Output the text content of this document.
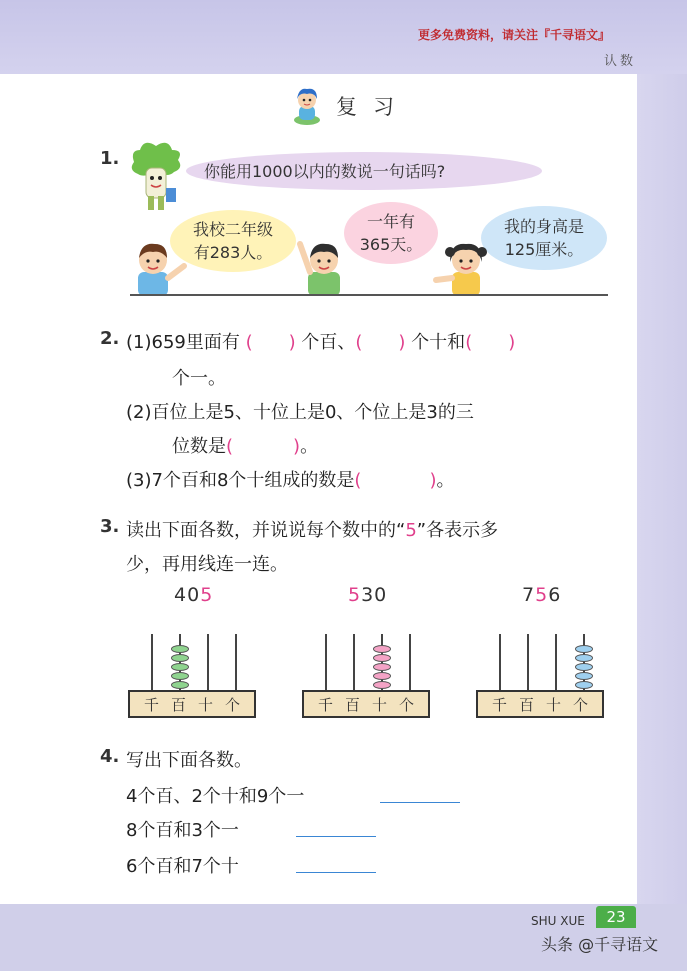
更多免费资料，请关注『千寻语文』
认数
复习
1.
你能用1000以内的数说一句话吗?
我校二年级
有283人。
一年有
365天。
我的身高是
125厘米。
2. (1)659里面有 ( ) 个百、( ) 个十和( )
个一。
(2)百位上是5、十位上是0、个位上是3的三
位数是(	)。
(3)7个百和8个十组成的数是(	)。
3. 读出下面各数，并说说每个数中的“5”各表示多
少，再用线连一连。
405	530	756
千 百 十 个	千 百 十 个	千 百 十 个
4. 写出下面各数。
4个百、2个十和9个一
8个百和3个一
6个百和7个十
SHU XUE	23
头条 @千寻语文
